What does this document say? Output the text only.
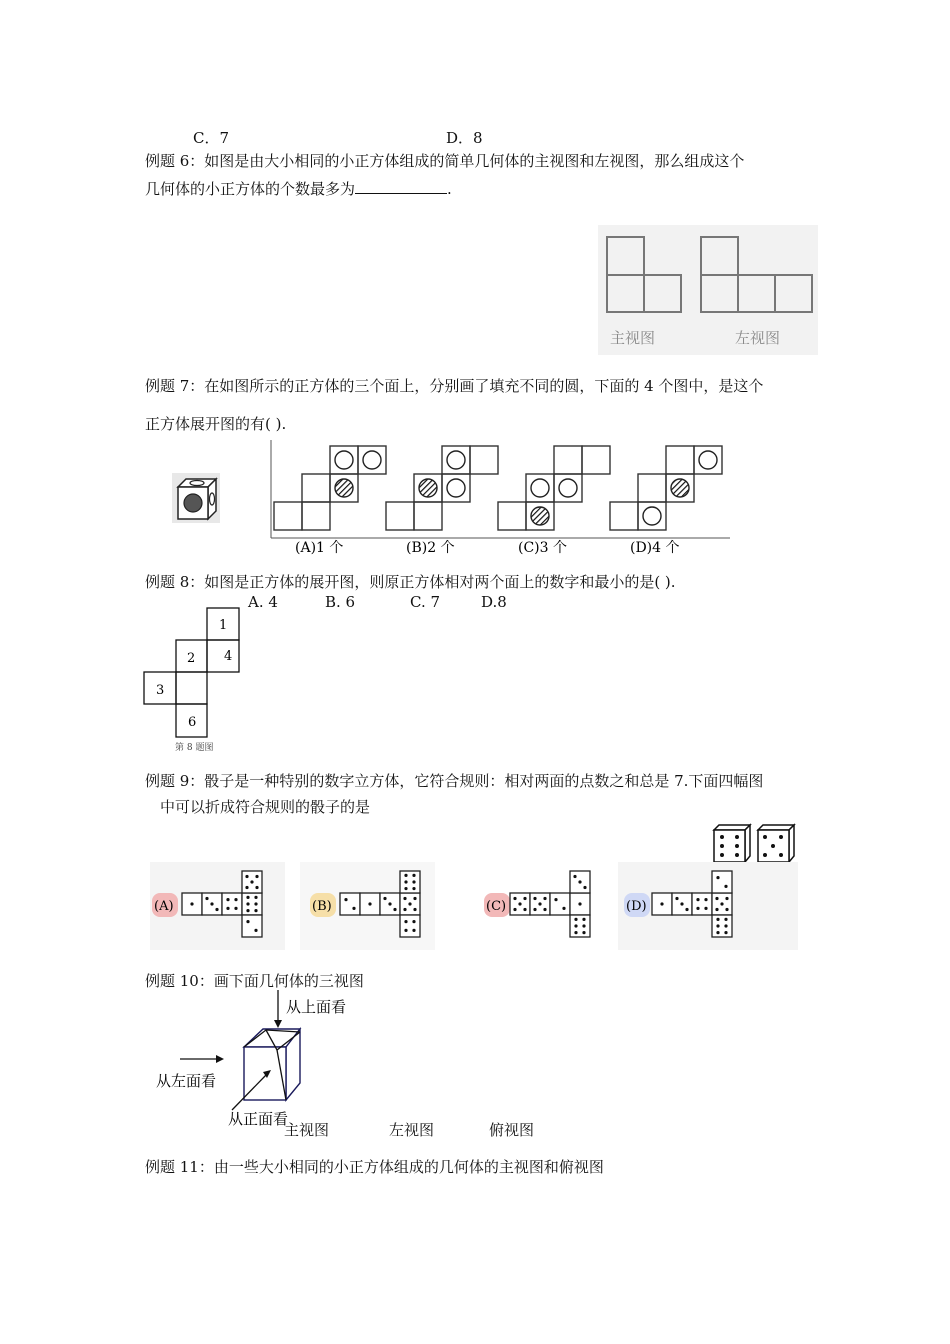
C．7	D．8
例题 6：如图是由大小相同的小正方体组成的简单几何体的主视图和左视图，那么组成这个
几何体的小正方体的个数最多为	.
主视图	左视图
例题 7：在如图所示的正方体的三个面上，分别画了填充不同的圆，下面的 4 个图中，是这个
正方体展开图的有( ).
(A)1 个	(B)2 个	(C)3 个	(D)4 个
例题 8：如图是正方体的展开图，则原正方体相对两个面上的数字和最小的是( ).
A. 4	B. 6	C. 7	D.8
1
2 4
3
6
第 8 题图
例题 9：骰子是一种特别的数字立方体，它符合规则：相对两面的点数之和总是 7.下面四幅图
中可以折成符合规则的骰子的是
(A)	(B)	(C)	(D)
例题 10：画下面几何体的三视图
从上面看
从左面看
从正面看
主视图	左视图	俯视图
例题 11：由一些大小相同的小正方体组成的几何体的主视图和俯视图
